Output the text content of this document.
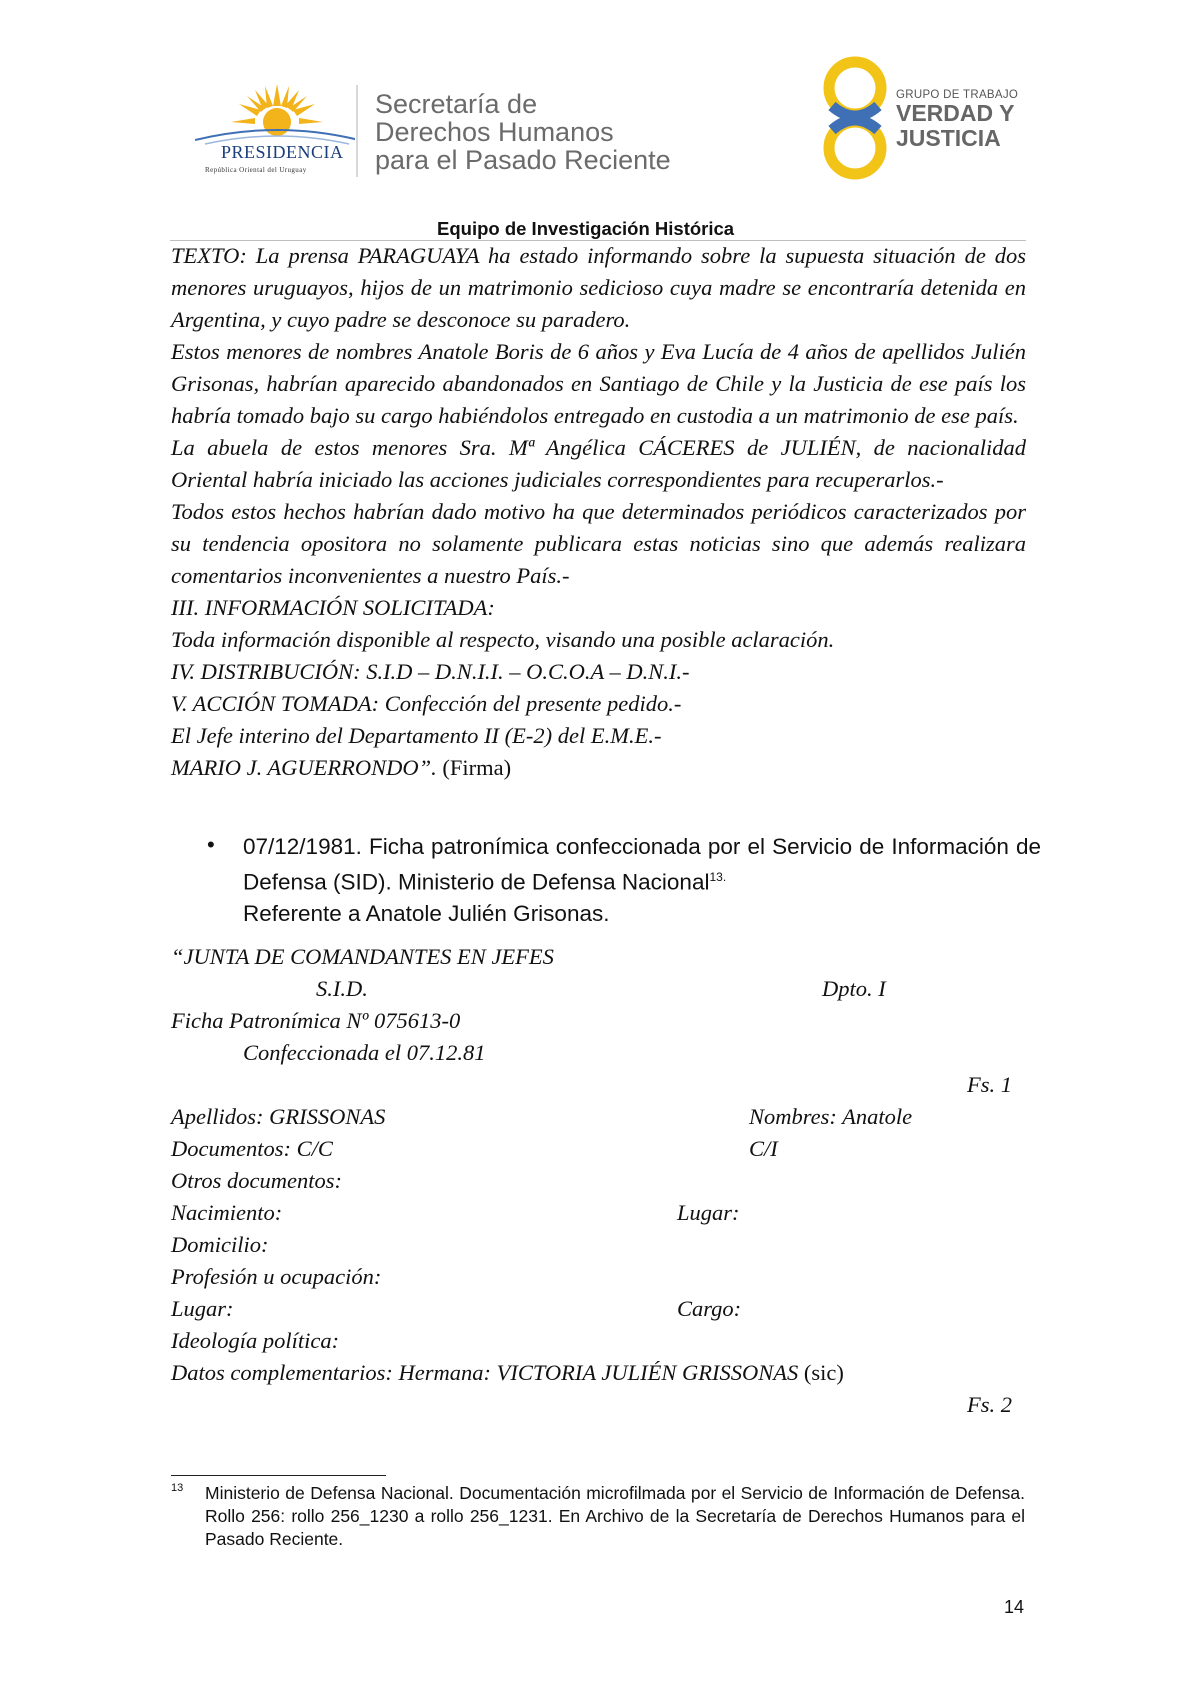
PRESIDENCIA
República Oriental del Uruguay
Secretaría de
Derechos Humanos
para el Pasado Reciente
GRUPO DE TRABAJO
VERDAD Y
JUSTICIA
Equipo de Investigación Histórica

TEXTO: La prensa PARAGUAYA ha estado informando sobre la supuesta situación de dos menores uruguayos, hijos de un matrimonio sedicioso cuya madre se encontraría detenida en Argentina, y cuyo padre se desconoce su paradero.

Estos menores de nombres Anatole Boris de 6 años y Eva Lucía de 4 años de apellidos Julién Grisonas, habrían aparecido abandonados en Santiago de Chile y la Justicia de ese país los habría tomado bajo su cargo habiéndolos entregado en custodia a un matrimonio de ese país.

La abuela de estos menores Sra. Mª Angélica CÁCERES de JULIÉN, de nacionalidad Oriental habría iniciado las acciones judiciales correspondientes para recuperarlos.-

Todos estos hechos habrían dado motivo ha que determinados periódicos caracterizados por su tendencia opositora no solamente publicara estas noticias sino que además realizara comentarios inconvenientes a nuestro País.-

III. INFORMACIÓN SOLICITADA:

Toda información disponible al respecto, visando una posible aclaración.

IV. DISTRIBUCIÓN: S.I.D – D.N.I.I. – O.C.O.A – D.N.I.-

V. ACCIÓN TOMADA: Confección del presente pedido.-

El Jefe interino del Departamento II (E-2) del E.M.E.-

MARIO J. AGUERRONDO”. (Firma)

• 07/12/1981. Ficha patronímica confeccionada por el Servicio de Información de Defensa (SID). Ministerio de Defensa Nacional$^{13.}$
Referente a Anatole Julién Grisonas.
“JUNTA DE COMANDANTES EN JEFES
S.I.D.	Dpto. I
Ficha Patronímica Nº 075613-0
Confeccionada el 07.12.81
Fs. 1
Apellidos: GRISSONAS	Nombres: Anatole
Documentos: C/C	C/I
Otros documentos:
Nacimiento:	Lugar:
Domicilio:
Profesión u ocupación:
Lugar:	Cargo:
Ideología política:
Datos complementarios: Hermana: VICTORIA JULIÉN GRISSONAS (sic)
Fs. 2
13 Ministerio de Defensa Nacional. Documentación microfilmada por el Servicio de Información de Defensa. Rollo 256: rollo 256_1230 a rollo 256_1231. En Archivo de la Secretaría de Derechos Humanos para el Pasado Reciente.
14
